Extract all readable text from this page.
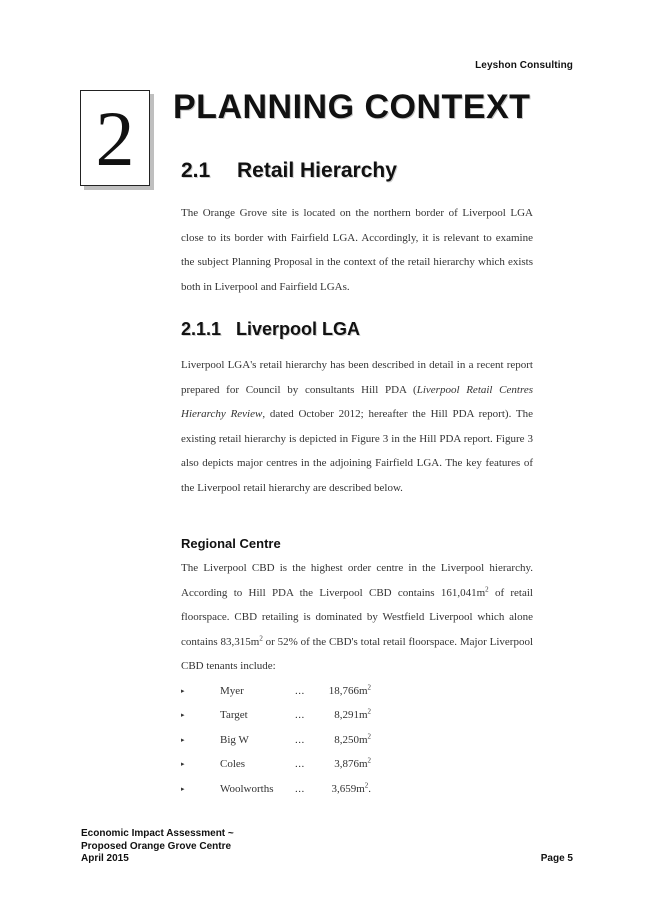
Leyshon Consulting
2 PLANNING CONTEXT
2.1 Retail Hierarchy

The Orange Grove site is located on the northern border of Liverpool LGA close to its border with Fairfield LGA. Accordingly, it is relevant to examine the subject Planning Proposal in the context of the retail hierarchy which exists both in Liverpool and Fairfield LGAs.

2.1.1 Liverpool LGA

Liverpool LGA's retail hierarchy has been described in detail in a recent report prepared for Council by consultants Hill PDA (Liverpool Retail Centres Hierarchy Review, dated October 2012; hereafter the Hill PDA report). The existing retail hierarchy is depicted in Figure 3 in the Hill PDA report. Figure 3 also depicts major centres in the adjoining Fairfield LGA. The key features of the Liverpool retail hierarchy are described below.

Regional Centre

The Liverpool CBD is the highest order centre in the Liverpool hierarchy. According to Hill PDA the Liverpool CBD contains $161,041m^2$ of retail floorspace. CBD retailing is dominated by Westfield Liverpool which alone contains $83,315m^2$ or 52% of the CBD's total retail floorspace. Major Liverpool CBD tenants include:

▸	Myer	... $18,766m^2$
▸	Target	...	$8,291m^2$
▸	Big W	...	$8,250m^2$
▸	Coles	...	$3,876m^2$
▸	Woolworths ...	$3,659m^2$.
Economic Impact Assessment ~
Proposed Orange Grove Centre
April 2015	Page 5
